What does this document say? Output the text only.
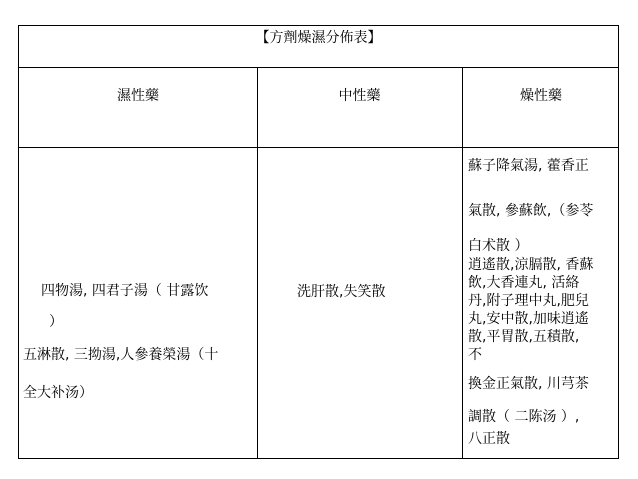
【方劑燥濕分佈表】
濕性藥	中性藥	燥性藥
四物湯, 四君子湯（ 甘露饮
）
五淋散, 三拗湯,人參養榮湯（十
全大补汤）
洗肝散,失笑散
蘇子降氣湯, 藿香正
氣散, 參蘇飲,（参苓
白术散 ）
逍遙散,涼膈散, 香蘇
飲,大香連丸, 活絡
丹,附子理中丸,肥兒
丸,安中散,加味逍遙
散,平胃散,五積散,
不
換金正氣散, 川芎茶
調散（ 二陈汤 ）,
八正散
